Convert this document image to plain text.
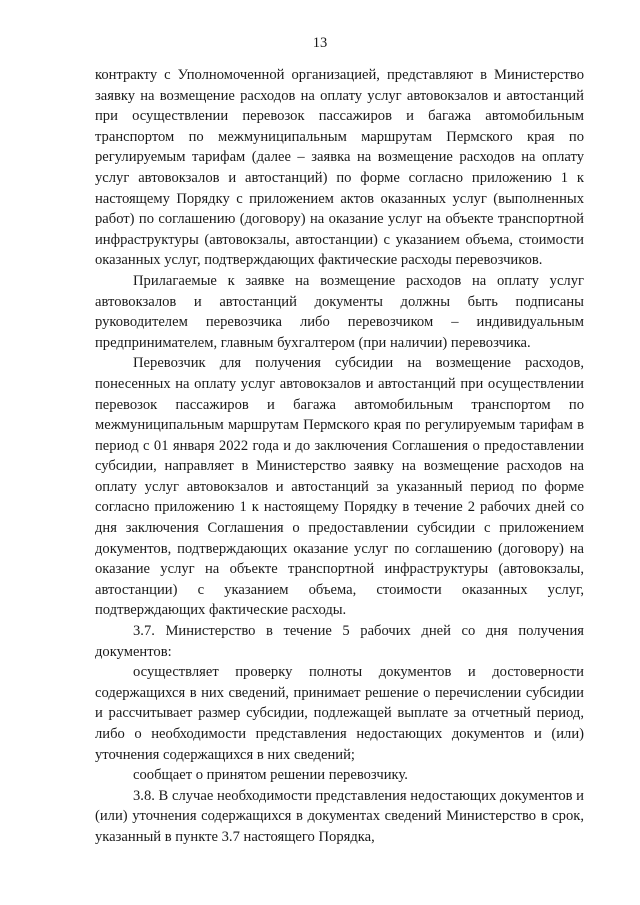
13

контракту с Уполномоченной организацией, представляют в Министерство заявку на возмещение расходов на оплату услуг автовокзалов и автостанций при осуществлении перевозок пассажиров и багажа автомобильным транспортом по межмуниципальным маршрутам Пермского края по регулируемым тарифам (далее – заявка на возмещение расходов на оплату услуг автовокзалов и автостанций) по форме согласно приложению 1 к настоящему Порядку с приложением актов оказанных услуг (выполненных работ) по соглашению (договору) на оказание услуг на объекте транспортной инфраструктуры (автовокзалы, автостанции) с указанием объема, стоимости оказанных услуг, подтверждающих фактические расходы перевозчиков.

Прилагаемые к заявке на возмещение расходов на оплату услуг автовокзалов и автостанций документы должны быть подписаны руководителем перевозчика либо перевозчиком – индивидуальным предпринимателем, главным бухгалтером (при наличии) перевозчика.

Перевозчик для получения субсидии на возмещение расходов, понесенных на оплату услуг автовокзалов и автостанций при осуществлении перевозок пассажиров и багажа автомобильным транспортом по межмуниципальным маршрутам Пермского края по регулируемым тарифам в период с 01 января 2022 года и до заключения Соглашения о предоставлении субсидии, направляет в Министерство заявку на возмещение расходов на оплату услуг автовокзалов и автостанций за указанный период по форме согласно приложению 1 к настоящему Порядку в течение 2 рабочих дней со дня заключения Соглашения о предоставлении субсидии с приложением документов, подтверждающих оказание услуг по соглашению (договору) на оказание услуг на объекте транспортной инфраструктуры (автовокзалы, автостанции) с указанием объема, стоимости оказанных услуг, подтверждающих фактические расходы.

3.7. Министерство в течение 5 рабочих дней со дня получения документов:

осуществляет проверку полноты документов и достоверности содержащихся в них сведений, принимает решение о перечислении субсидии и рассчитывает размер субсидии, подлежащей выплате за отчетный период, либо о необходимости представления недостающих документов и (или) уточнения содержащихся в них сведений;

сообщает о принятом решении перевозчику.

3.8. В случае необходимости представления недостающих документов и (или) уточнения содержащихся в документах сведений Министерство в срок, указанный в пункте 3.7 настоящего Порядка,
